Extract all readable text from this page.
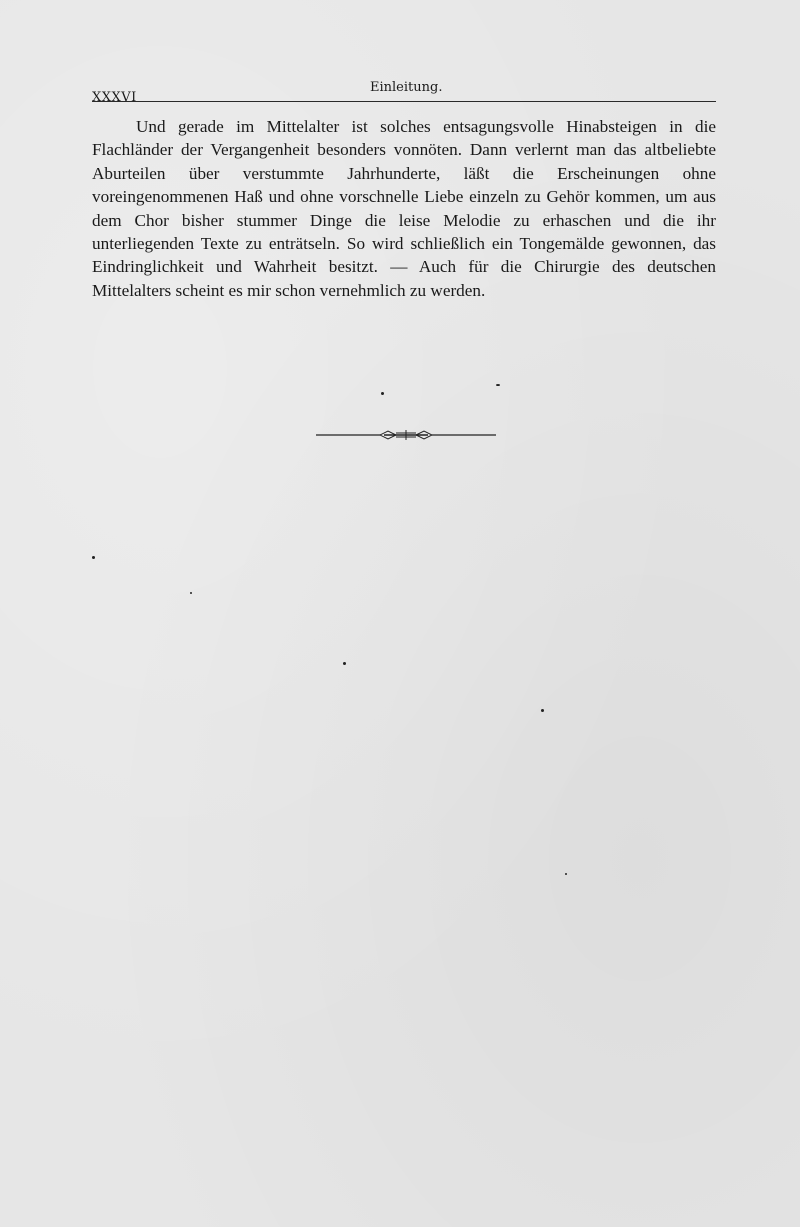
XXXVI
Einleitung.

Und gerade im Mittelalter ist solches entsagungsvolle Hinabsteigen in die Flachländer der Vergangenheit besonders vonnöten. Dann verlernt man das altbeliebte Aburteilen über verstummte Jahrhunderte, läßt die Erscheinungen ohne voreingenommenen Haß und ohne vorschnelle Liebe einzeln zu Gehör kommen, um aus dem Chor bisher stummer Dinge die leise Melodie zu erhaschen und die ihr unterliegenden Texte zu enträtseln. So wird schließlich ein Tongemälde gewonnen, das Eindringlichkeit und Wahrheit besitzt. — Auch für die Chirurgie des deutschen Mittelalters scheint es mir schon vernehmlich zu werden.
